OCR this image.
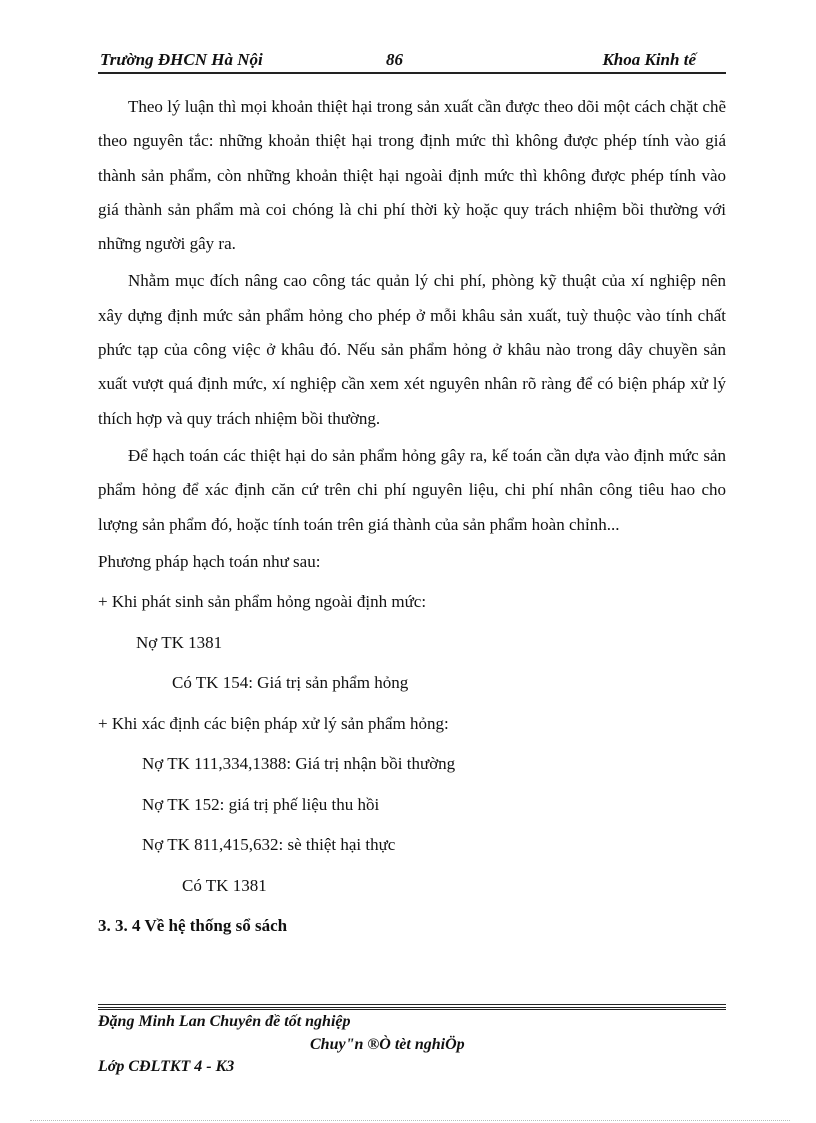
Trường ĐHCN Hà Nội	86	Khoa Kinh tế

Theo lý luận thì mọi khoản thiệt hại trong sản xuất cần được theo dõi một cách chặt chẽ theo nguyên tắc: những khoản thiệt hại trong định mức thì không được phép tính vào giá thành sản phẩm, còn những khoản thiệt hại ngoài định mức thì không được phép tính vào giá thành sản phẩm mà coi chóng là chi phí thời kỳ hoặc quy trách nhiệm bồi thường với những người gây ra.

Nhằm mục đích nâng cao công tác quản lý chi phí, phòng kỹ thuật của xí nghiệp nên xây dựng định mức sản phẩm hỏng cho phép ở mỗi khâu sản xuất, tuỳ thuộc vào tính chất phức tạp của công việc ở khâu đó. Nếu sản phẩm hỏng ở khâu nào trong dây chuyền sản xuất vượt quá định mức, xí nghiệp cần xem xét nguyên nhân rõ ràng để có biện pháp xử lý thích hợp và quy trách nhiệm bồi thường.

Để hạch toán các thiệt hại do sản phẩm hỏng gây ra, kế toán cần dựa vào định mức sản phẩm hỏng để xác định căn cứ trên chi phí nguyên liệu, chi phí nhân công tiêu hao cho lượng sản phẩm đó, hoặc tính toán trên giá thành của sản phẩm hoàn chỉnh...

Phương pháp hạch toán như sau:

+ Khi phát sinh sản phẩm hỏng ngoài định mức:

Nợ TK 1381

Có TK 154: Giá trị sản phẩm hỏng

+ Khi xác định các biện pháp xử lý sản phẩm hỏng:

Nợ TK 111,334,1388: Giá trị nhận bồi thường

Nợ TK 152: giá trị phế liệu thu hồi

Nợ TK 811,415,632: sè thiệt hại thực

Có TK 1381

3. 3. 4 Về hệ thống sổ sách

Đặng Minh Lan Chuyên đề tốt nghiệp
Chuy"n ®Ò tèt nghiÖp
Lớp CĐLTKT 4 - K3
